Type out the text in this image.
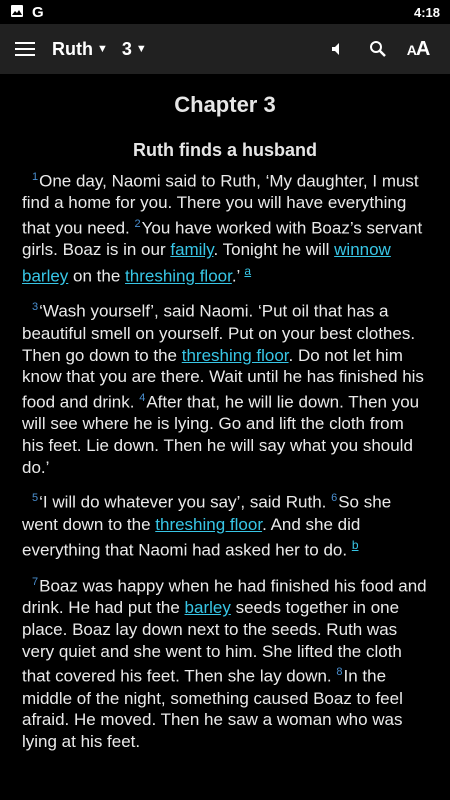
G	4:18
Ruth ▼ 3 ▼	AA
Chapter 3
Ruth finds a husband

$^1$One day, Naomi said to Ruth, ‘My daughter, I must find a home for you. There you will have everything that you need. $^2$You have worked with Boaz’s servant girls. Boaz is in our family. Tonight he will winnow barley on the threshing floor.’ $^a$

$^3$‘Wash yourself’, said Naomi. ‘Put oil that has a beautiful smell on yourself. Put on your best clothes. Then go down to the threshing floor. Do not let him know that you are there. Wait until he has finished his food and drink. $^4$After that, he will lie down. Then you will see where he is lying. Go and lift the cloth from his feet. Lie down. Then he will say what you should do.’

$^5$‘I will do whatever you say’, said Ruth. $^6$So she went down to the threshing floor. And she did everything that Naomi had asked her to do. $^b$

$^7$Boaz was happy when he had finished his food and drink. He had put the barley seeds together in one place. Boaz lay down next to the seeds. Ruth was very quiet and she went to him. She lifted the cloth that covered his feet. Then she lay down. $^8$In the middle of the night, something caused Boaz to feel afraid. He moved. Then he saw a woman who was lying at his feet.
